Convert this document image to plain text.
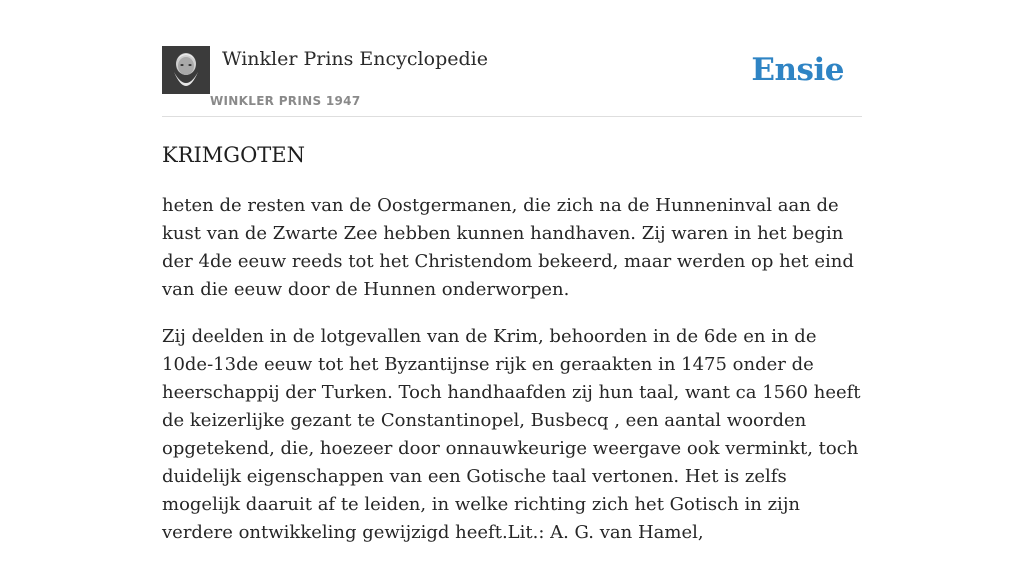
Winkler Prins Encyclopedie
WINKLER PRINS 1947
Ensie
KRIMGOTEN

heten de resten van de Oostgermanen, die zich na de Hunneninval aan de kust van de Zwarte Zee hebben kunnen handhaven. Zij waren in het begin der 4de eeuw reeds tot het Christendom bekeerd, maar werden op het eind van die eeuw door de Hunnen onderworpen.

Zij deelden in de lotgevallen van de Krim, behoorden in de 6de en in de 10de-13de eeuw tot het Byzantijnse rijk en geraakten in 1475 onder de heerschappij der Turken. Toch handhaafden zij hun taal, want ca 1560 heeft de keizerlijke gezant te Constantinopel, Busbecq , een aantal woorden opgetekend, die, hoezeer door onnauwkeurige weergave ook verminkt, toch duidelijk eigenschappen van een Gotische taal vertonen. Het is zelfs mogelijk daaruit af te leiden, in welke richting zich het Gotisch in zijn verdere ontwikkeling gewijzigd heeft.Lit.: A. G. van Hamel,
